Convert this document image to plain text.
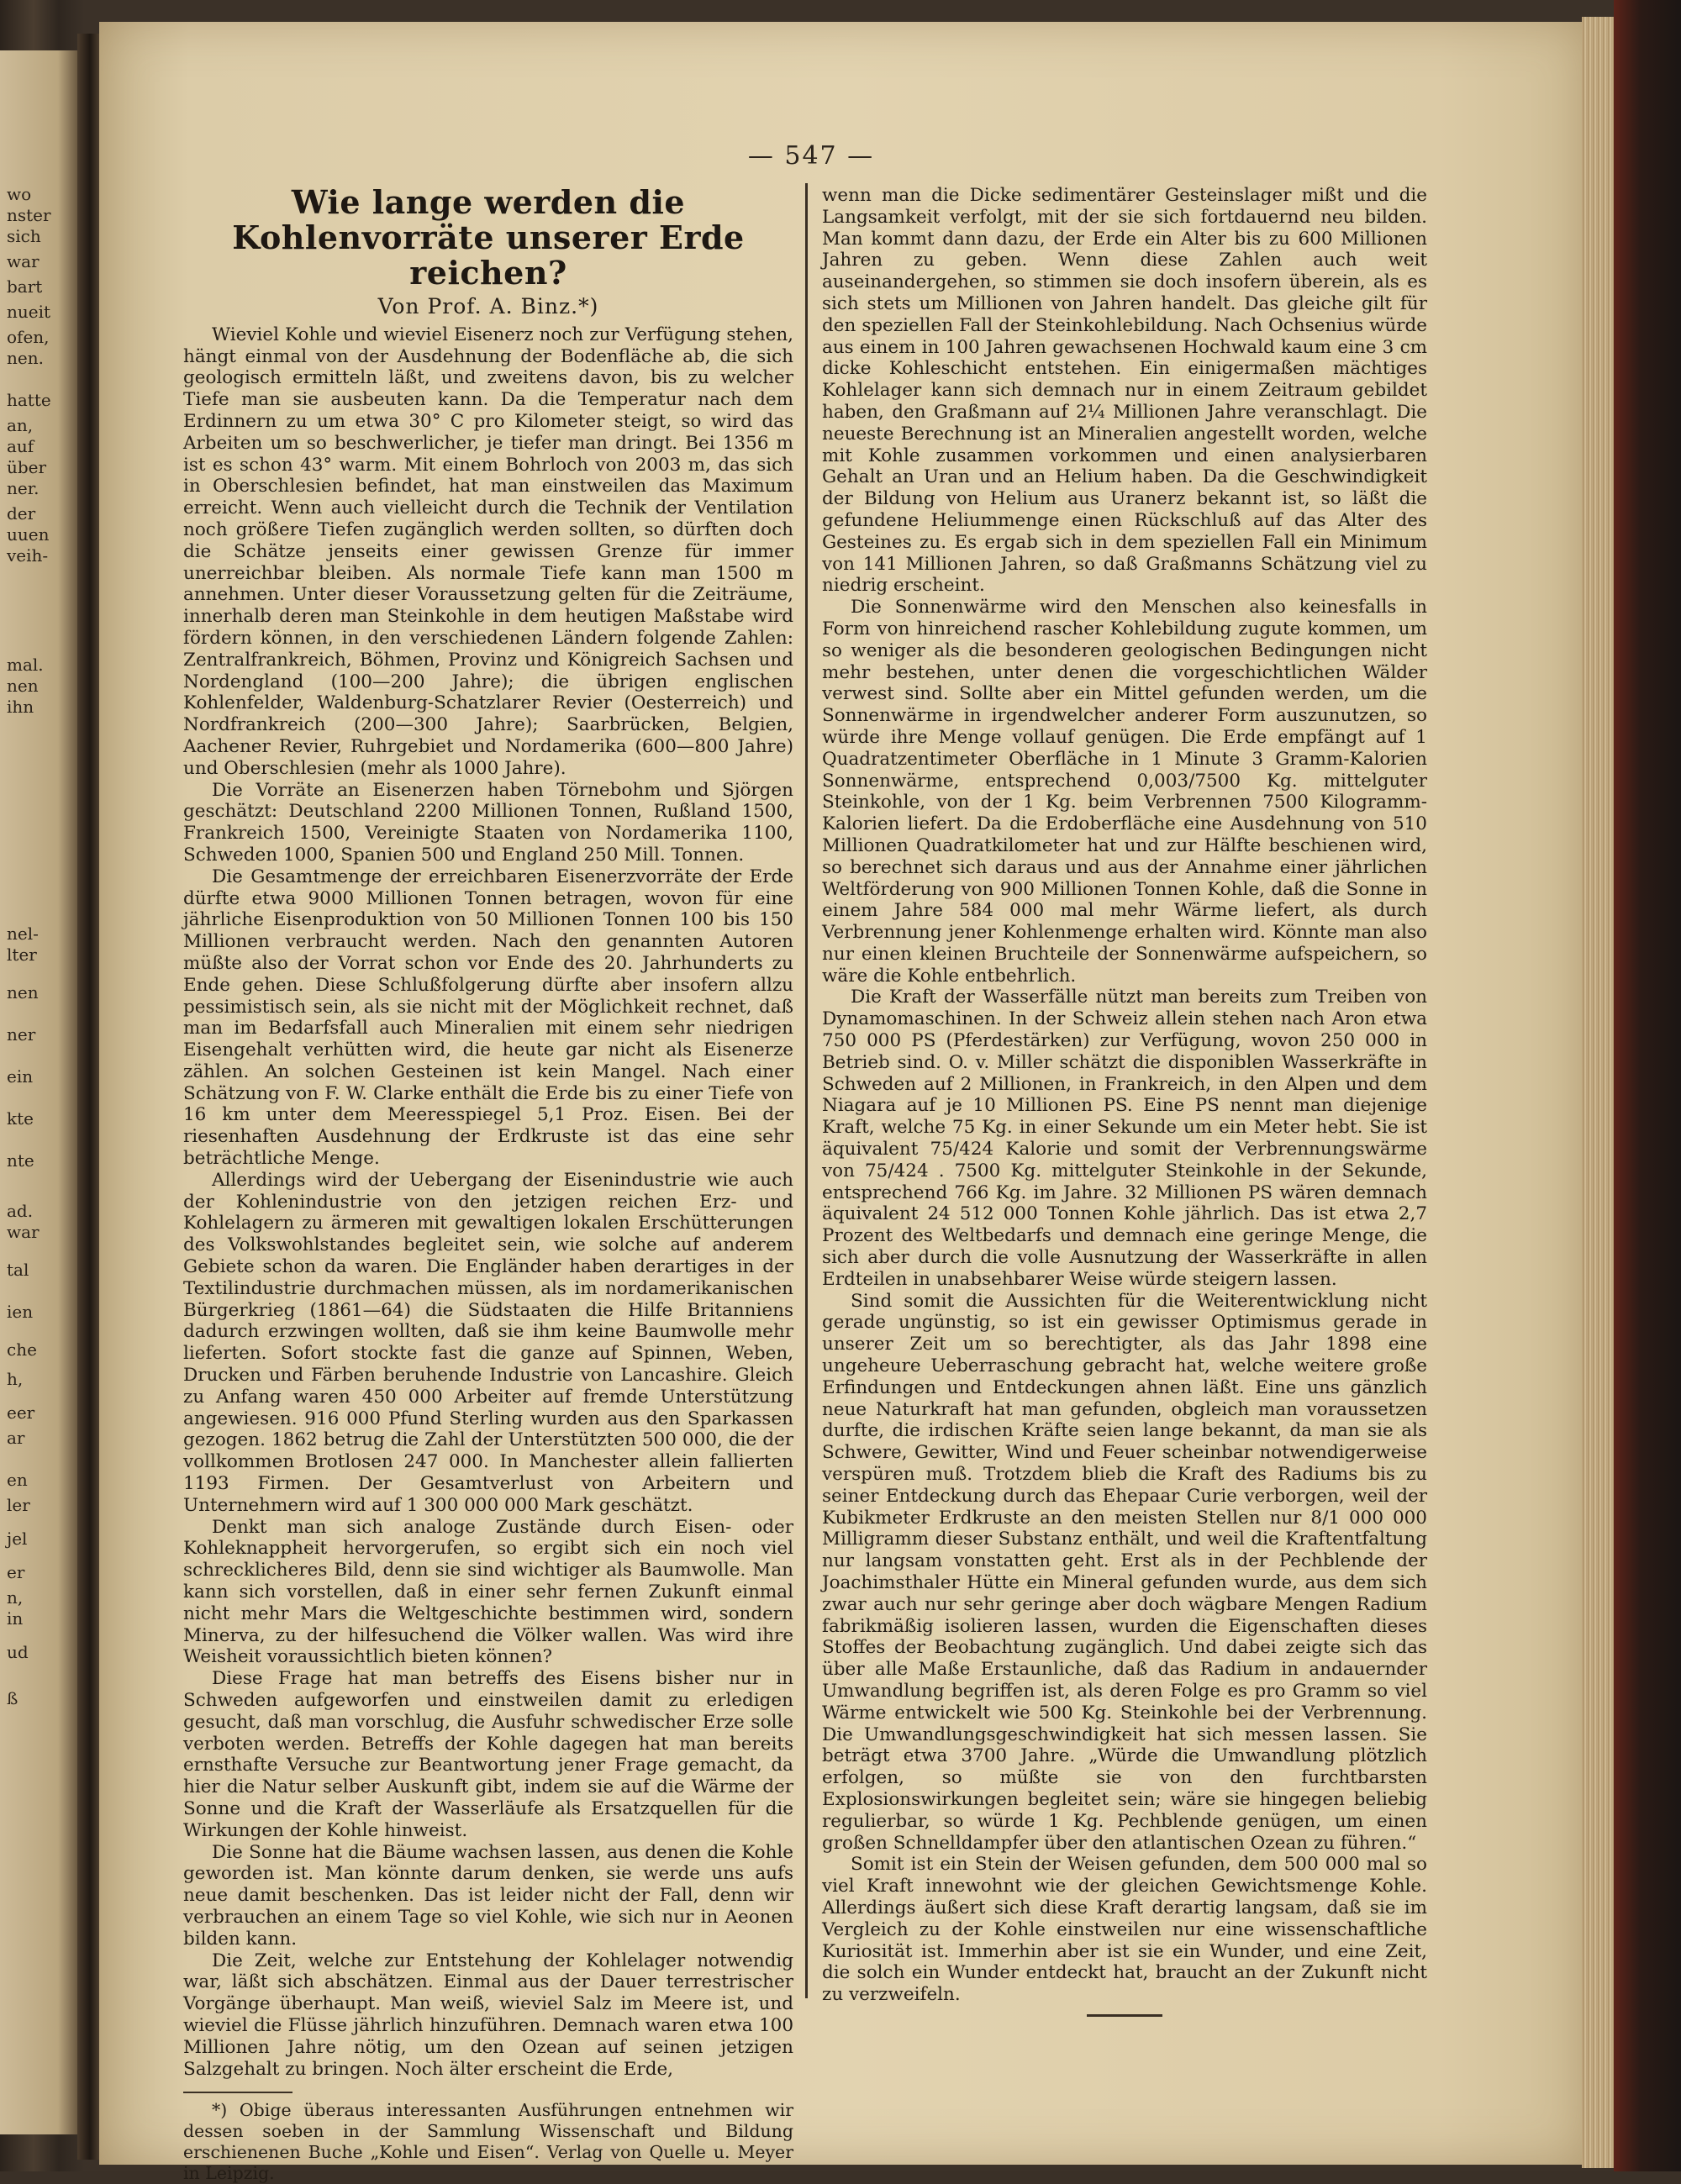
wo
nster
sich
war
bart
nueit
ofen,
nen.
hatte
an,
auf
über
ner.
der
uuen
veih-
mal.
nen
ihn
nel-
lter
nen
ner
ein
kte
nte
ad.
war
tal
ien
che
h,
eer
ar
en
ler
jel
er
n,
in
ud
ß
— 547 —
Wie lange werden die Kohlenvorräte unserer Erde reichen?
Von Prof. A. Binz.*)

Wieviel Kohle und wieviel Eisenerz noch zur Verfügung stehen, hängt einmal von der Ausdehnung der Bodenfläche ab, die sich geologisch ermitteln läßt, und zweitens davon, bis zu welcher Tiefe man sie ausbeuten kann. Da die Temperatur nach dem Erdinnern zu um etwa 30° C pro Kilometer steigt, so wird das Arbeiten um so beschwerlicher, je tiefer man dringt. Bei 1356 m ist es schon 43° warm. Mit einem Bohrloch von 2003 m, das sich in Oberschlesien befindet, hat man einstweilen das Maximum erreicht. Wenn auch vielleicht durch die Technik der Ventilation noch größere Tiefen zugänglich werden sollten, so dürften doch die Schätze jenseits einer gewissen Grenze für immer unerreichbar bleiben. Als normale Tiefe kann man 1500 m annehmen. Unter dieser Voraussetzung gelten für die Zeiträume, innerhalb deren man Steinkohle in dem heutigen Maßstabe wird fördern können, in den verschiedenen Ländern folgende Zahlen: Zentralfrankreich, Böhmen, Provinz und Königreich Sachsen und Nordengland (100—200 Jahre); die übrigen englischen Kohlenfelder, Waldenburg-Schatzlarer Revier (Oesterreich) und Nordfrankreich (200—300 Jahre); Saarbrücken, Belgien, Aachener Revier, Ruhrgebiet und Nordamerika (600—800 Jahre) und Oberschlesien (mehr als 1000 Jahre).

Die Vorräte an Eisenerzen haben Törnebohm und Sjörgen geschätzt: Deutschland 2200 Millionen Tonnen, Rußland 1500, Frankreich 1500, Vereinigte Staaten von Nordamerika 1100, Schweden 1000, Spanien 500 und England 250 Mill. Tonnen.

Die Gesamtmenge der erreichbaren Eisenerzvorräte der Erde dürfte etwa 9000 Millionen Tonnen betragen, wovon für eine jährliche Eisenproduktion von 50 Millionen Tonnen 100 bis 150 Millionen verbraucht werden. Nach den genannten Autoren müßte also der Vorrat schon vor Ende des 20. Jahrhunderts zu Ende gehen. Diese Schlußfolgerung dürfte aber insofern allzu pessimistisch sein, als sie nicht mit der Möglichkeit rechnet, daß man im Bedarfsfall auch Mineralien mit einem sehr niedrigen Eisengehalt verhütten wird, die heute gar nicht als Eisenerze zählen. An solchen Gesteinen ist kein Mangel. Nach einer Schätzung von F. W. Clarke enthält die Erde bis zu einer Tiefe von 16 km unter dem Meeresspiegel 5,1 Proz. Eisen. Bei der riesenhaften Ausdehnung der Erdkruste ist das eine sehr beträchtliche Menge.

Allerdings wird der Uebergang der Eisenindustrie wie auch der Kohlenindustrie von den jetzigen reichen Erz- und Kohlelagern zu ärmeren mit gewaltigen lokalen Erschütterungen des Volkswohlstandes begleitet sein, wie solche auf anderem Gebiete schon da waren. Die Engländer haben derartiges in der Textilindustrie durchmachen müssen, als im nordamerikanischen Bürgerkrieg (1861—64) die Südstaaten die Hilfe Britanniens dadurch erzwingen wollten, daß sie ihm keine Baumwolle mehr lieferten. Sofort stockte fast die ganze auf Spinnen, Weben, Drucken und Färben beruhende Industrie von Lancashire. Gleich zu Anfang waren 450 000 Arbeiter auf fremde Unterstützung angewiesen. 916 000 Pfund Sterling wurden aus den Sparkassen gezogen. 1862 betrug die Zahl der Unterstützten 500 000, die der vollkommen Brotlosen 247 000. In Manchester allein fallierten 1193 Firmen. Der Gesamtverlust von Arbeitern und Unternehmern wird auf 1 300 000 000 Mark geschätzt.

Denkt man sich analoge Zustände durch Eisen- oder Kohleknappheit hervorgerufen, so ergibt sich ein noch viel schrecklicheres Bild, denn sie sind wichtiger als Baumwolle. Man kann sich vorstellen, daß in einer sehr fernen Zukunft einmal nicht mehr Mars die Weltgeschichte bestimmen wird, sondern Minerva, zu der hilfesuchend die Völker wallen. Was wird ihre Weisheit voraussichtlich bieten können?

Diese Frage hat man betreffs des Eisens bisher nur in Schweden aufgeworfen und einstweilen damit zu erledigen gesucht, daß man vorschlug, die Ausfuhr schwedischer Erze solle verboten werden. Betreffs der Kohle dagegen hat man bereits ernsthafte Versuche zur Beantwortung jener Frage gemacht, da hier die Natur selber Auskunft gibt, indem sie auf die Wärme der Sonne und die Kraft der Wasserläufe als Ersatzquellen für die Wirkungen der Kohle hinweist.

Die Sonne hat die Bäume wachsen lassen, aus denen die Kohle geworden ist. Man könnte darum denken, sie werde uns aufs neue damit beschenken. Das ist leider nicht der Fall, denn wir verbrauchen an einem Tage so viel Kohle, wie sich nur in Aeonen bilden kann.

Die Zeit, welche zur Entstehung der Kohlelager notwendig war, läßt sich abschätzen. Einmal aus der Dauer terrestrischer Vorgänge überhaupt. Man weiß, wieviel Salz im Meere ist, und wieviel die Flüsse jährlich hinzuführen. Demnach waren etwa 100 Millionen Jahre nötig, um den Ozean auf seinen jetzigen Salzgehalt zu bringen. Noch älter erscheint die Erde,

*) Obige überaus interessanten Ausführungen entnehmen wir dessen soeben in der Sammlung Wissenschaft und Bildung erschienenen Buche „Kohle und Eisen“. Verlag von Quelle u. Meyer in Leipzig.

wenn man die Dicke sedimentärer Gesteinslager mißt und die Langsamkeit verfolgt, mit der sie sich fortdauernd neu bilden. Man kommt dann dazu, der Erde ein Alter bis zu 600 Millionen Jahren zu geben. Wenn diese Zahlen auch weit auseinandergehen, so stimmen sie doch insofern überein, als es sich stets um Millionen von Jahren handelt. Das gleiche gilt für den speziellen Fall der Steinkohlebildung. Nach Ochsenius würde aus einem in 100 Jahren gewachsenen Hochwald kaum eine 3 cm dicke Kohleschicht entstehen. Ein einigermaßen mächtiges Kohlelager kann sich demnach nur in einem Zeitraum gebildet haben, den Graßmann auf 2¼ Millionen Jahre veranschlagt. Die neueste Berechnung ist an Mineralien angestellt worden, welche mit Kohle zusammen vorkommen und einen analysierbaren Gehalt an Uran und an Helium haben. Da die Geschwindigkeit der Bildung von Helium aus Uranerz bekannt ist, so läßt die gefundene Heliummenge einen Rückschluß auf das Alter des Gesteines zu. Es ergab sich in dem speziellen Fall ein Minimum von 141 Millionen Jahren, so daß Graßmanns Schätzung viel zu niedrig erscheint.

Die Sonnenwärme wird den Menschen also keinesfalls in Form von hinreichend rascher Kohlebildung zugute kommen, um so weniger als die besonderen geologischen Bedingungen nicht mehr bestehen, unter denen die vorgeschichtlichen Wälder verwest sind. Sollte aber ein Mittel gefunden werden, um die Sonnenwärme in irgendwelcher anderer Form auszunutzen, so würde ihre Menge vollauf genügen. Die Erde empfängt auf 1 Quadratzentimeter Oberfläche in 1 Minute 3 Gramm-Kalorien Sonnenwärme, entsprechend 0,003/7500 Kg. mittelguter Steinkohle, von der 1 Kg. beim Verbrennen 7500 Kilogramm-Kalorien liefert. Da die Erdoberfläche eine Ausdehnung von 510 Millionen Quadratkilometer hat und zur Hälfte beschienen wird, so berechnet sich daraus und aus der Annahme einer jährlichen Weltförderung von 900 Millionen Tonnen Kohle, daß die Sonne in einem Jahre 584 000 mal mehr Wärme liefert, als durch Verbrennung jener Kohlenmenge erhalten wird. Könnte man also nur einen kleinen Bruchteile der Sonnenwärme aufspeichern, so wäre die Kohle entbehrlich.

Die Kraft der Wasserfälle nützt man bereits zum Treiben von Dynamomaschinen. In der Schweiz allein stehen nach Aron etwa 750 000 PS (Pferdestärken) zur Verfügung, wovon 250 000 in Betrieb sind. O. v. Miller schätzt die disponiblen Wasserkräfte in Schweden auf 2 Millionen, in Frankreich, in den Alpen und dem Niagara auf je 10 Millionen PS. Eine PS nennt man diejenige Kraft, welche 75 Kg. in einer Sekunde um ein Meter hebt. Sie ist äquivalent 75/424 Kalorie und somit der Verbrennungswärme von 75/424 . 7500 Kg. mittelguter Steinkohle in der Sekunde, entsprechend 766 Kg. im Jahre. 32 Millionen PS wären demnach äquivalent 24 512 000 Tonnen Kohle jährlich. Das ist etwa 2,7 Prozent des Weltbedarfs und demnach eine geringe Menge, die sich aber durch die volle Ausnutzung der Wasserkräfte in allen Erdteilen in unabsehbarer Weise würde steigern lassen.

Sind somit die Aussichten für die Weiterentwicklung nicht gerade ungünstig, so ist ein gewisser Optimismus gerade in unserer Zeit um so berechtigter, als das Jahr 1898 eine ungeheure Ueberraschung gebracht hat, welche weitere große Erfindungen und Entdeckungen ahnen läßt. Eine uns gänzlich neue Naturkraft hat man gefunden, obgleich man voraussetzen durfte, die irdischen Kräfte seien lange bekannt, da man sie als Schwere, Gewitter, Wind und Feuer scheinbar notwendigerweise verspüren muß. Trotzdem blieb die Kraft des Radiums bis zu seiner Entdeckung durch das Ehepaar Curie verborgen, weil der Kubikmeter Erdkruste an den meisten Stellen nur 8/1 000 000 Milligramm dieser Substanz enthält, und weil die Kraftentfaltung nur langsam vonstatten geht. Erst als in der Pechblende der Joachimsthaler Hütte ein Mineral gefunden wurde, aus dem sich zwar auch nur sehr geringe aber doch wägbare Mengen Radium fabrikmäßig isolieren lassen, wurden die Eigenschaften dieses Stoffes der Beobachtung zugänglich. Und dabei zeigte sich das über alle Maße Erstaunliche, daß das Radium in andauernder Umwandlung begriffen ist, als deren Folge es pro Gramm so viel Wärme entwickelt wie 500 Kg. Steinkohle bei der Verbrennung. Die Umwandlungsgeschwindigkeit hat sich messen lassen. Sie beträgt etwa 3700 Jahre. „Würde die Umwandlung plötzlich erfolgen, so müßte sie von den furchtbarsten Explosionswirkungen begleitet sein; wäre sie hingegen beliebig regulierbar, so würde 1 Kg. Pechblende genügen, um einen großen Schnelldampfer über den atlantischen Ozean zu führen.“

Somit ist ein Stein der Weisen gefunden, dem 500 000 mal so viel Kraft innewohnt wie der gleichen Gewichtsmenge Kohle. Allerdings äußert sich diese Kraft derartig langsam, daß sie im Vergleich zu der Kohle einstweilen nur eine wissenschaftliche Kuriosität ist. Immerhin aber ist sie ein Wunder, und eine Zeit, die solch ein Wunder entdeckt hat, braucht an der Zukunft nicht zu verzweifeln.
